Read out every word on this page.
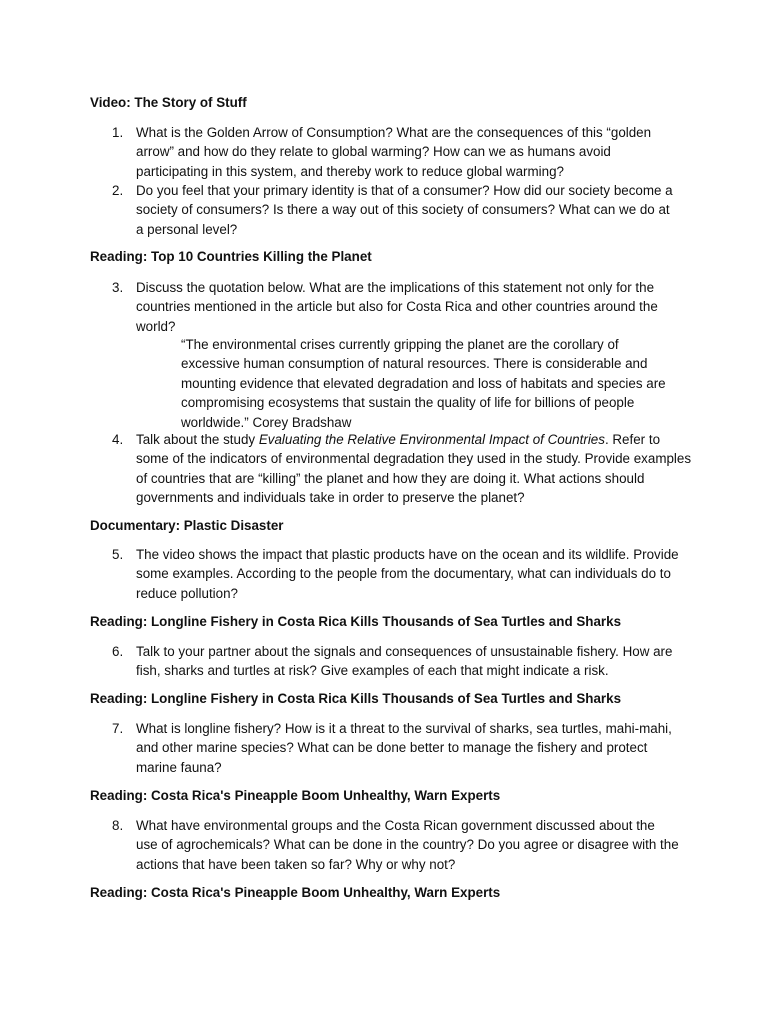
Video: The Story of Stuff
1. What is the Golden Arrow of Consumption? What are the consequences of this “golden arrow” and how do they relate to global warming? How can we as humans avoid participating in this system, and thereby work to reduce global warming?
2. Do you feel that your primary identity is that of a consumer? How did our society become a society of consumers? Is there a way out of this society of consumers? What can we do at a personal level?
Reading: Top 10 Countries Killing the Planet
3. Discuss the quotation below. What are the implications of this statement not only for the countries mentioned in the article but also for Costa Rica and other countries around the world?
“The environmental crises currently gripping the planet are the corollary of excessive human consumption of natural resources. There is considerable and mounting evidence that elevated degradation and loss of habitats and species are compromising ecosystems that sustain the quality of life for billions of people worldwide.” Corey Bradshaw
4. Talk about the study Evaluating the Relative Environmental Impact of Countries. Refer to some of the indicators of environmental degradation they used in the study. Provide examples of countries that are “killing” the planet and how they are doing it. What actions should governments and individuals take in order to preserve the planet?
Documentary: Plastic Disaster
5. The video shows the impact that plastic products have on the ocean and its wildlife. Provide some examples. According to the people from the documentary, what can individuals do to reduce pollution?
Reading: Longline Fishery in Costa Rica Kills Thousands of Sea Turtles and Sharks
6. Talk to your partner about the signals and consequences of unsustainable fishery. How are fish, sharks and turtles at risk? Give examples of each that might indicate a risk.
Reading: Longline Fishery in Costa Rica Kills Thousands of Sea Turtles and Sharks
7. What is longline fishery? How is it a threat to the survival of sharks, sea turtles, mahi-mahi, and other marine species? What can be done better to manage the fishery and protect marine fauna?
Reading: Costa Rica's Pineapple Boom Unhealthy, Warn Experts
8. What have environmental groups and the Costa Rican government discussed about the use of agrochemicals? What can be done in the country? Do you agree or disagree with the actions that have been taken so far? Why or why not?
Reading: Costa Rica's Pineapple Boom Unhealthy, Warn Experts
